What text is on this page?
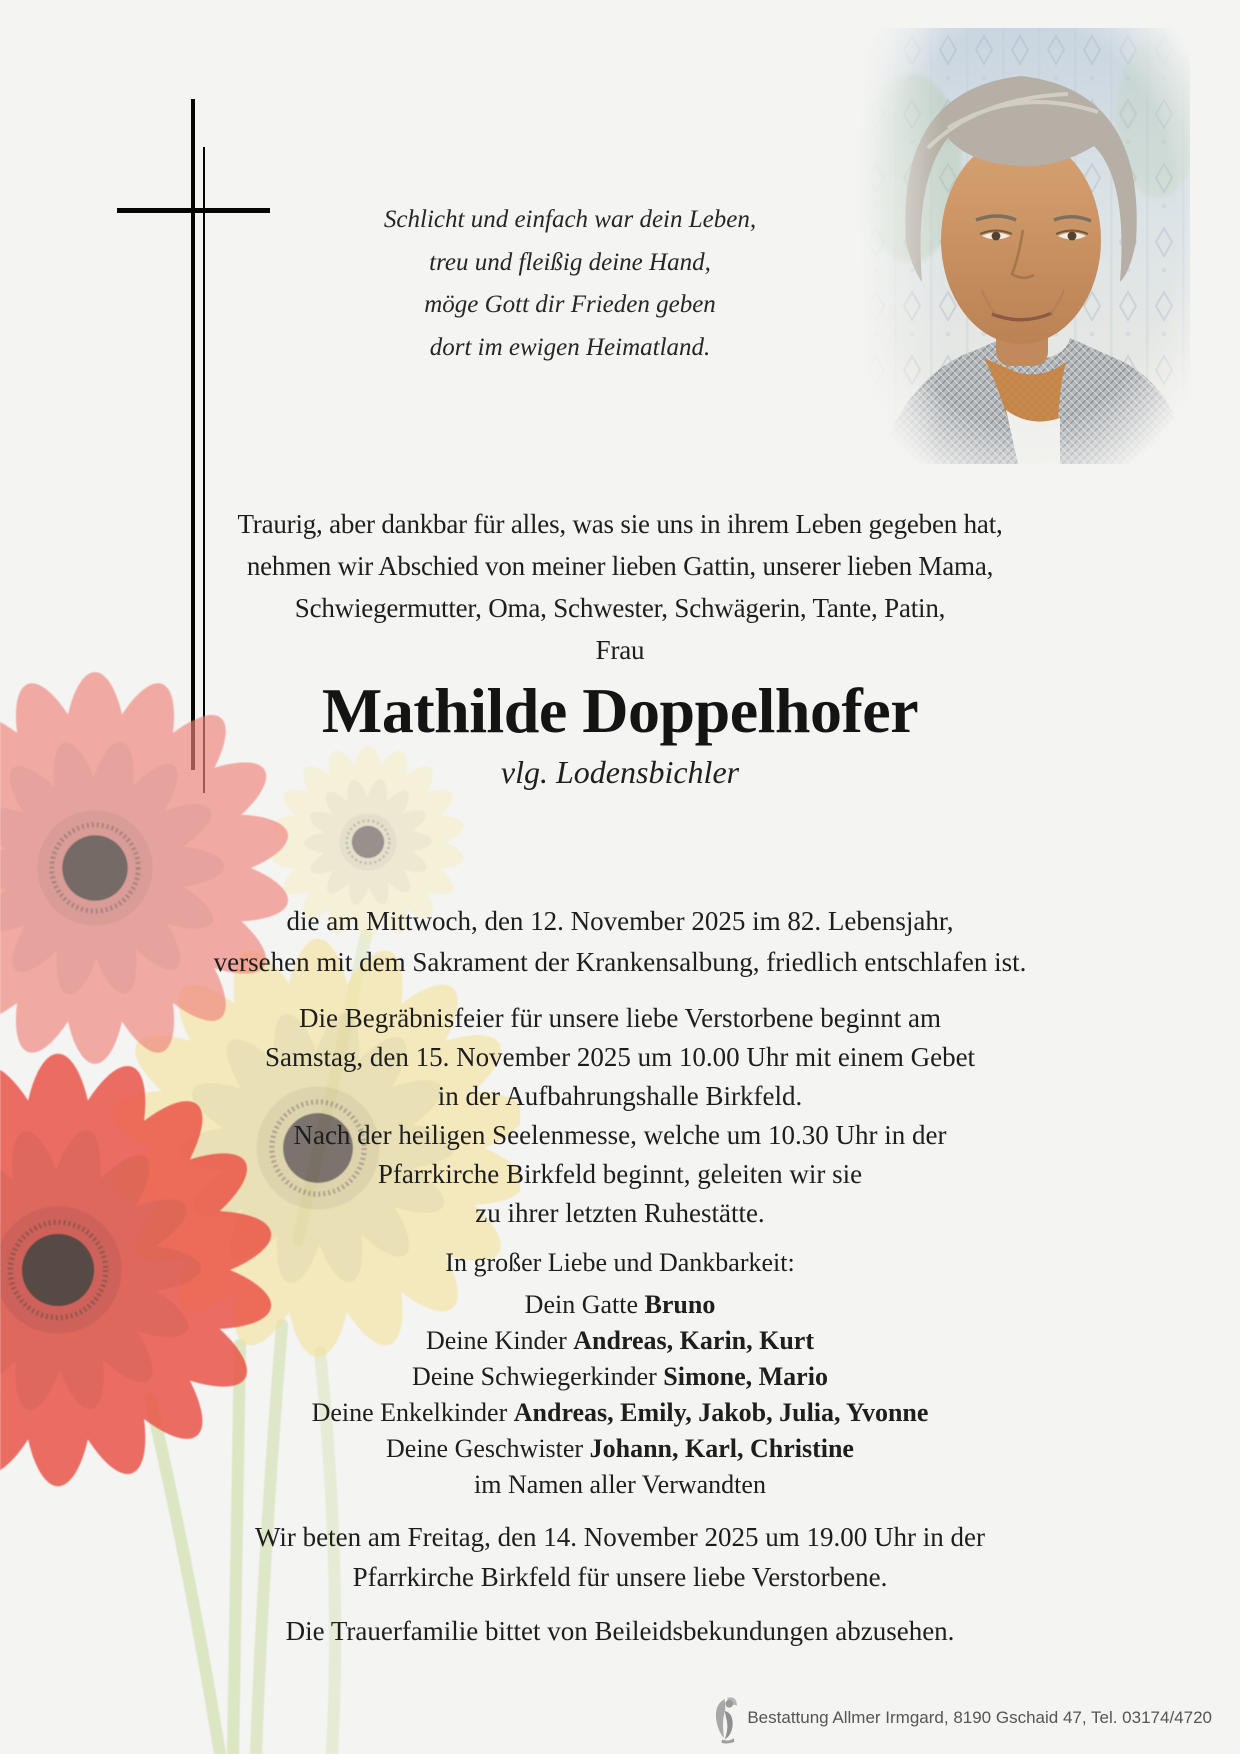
Schlicht und einfach war dein Leben,
treu und fleißig deine Hand,
möge Gott dir Frieden geben
dort im ewigen Heimatland.
Traurig, aber dankbar für alles, was sie uns in ihrem Leben gegeben hat,
nehmen wir Abschied von meiner lieben Gattin, unserer lieben Mama,
Schwiegermutter, Oma, Schwester, Schwägerin, Tante, Patin,
Frau
Mathilde Doppelhofer
vlg. Lodensbichler
die am Mittwoch, den 12. November 2025 im 82. Lebensjahr,
versehen mit dem Sakrament der Krankensalbung, friedlich entschlafen ist.
Die Begräbnisfeier für unsere liebe Verstorbene beginnt am
Samstag, den 15. November 2025 um 10.00 Uhr mit einem Gebet
in der Aufbahrungshalle Birkfeld.
Nach der heiligen Seelenmesse, welche um 10.30 Uhr in der
Pfarrkirche Birkfeld beginnt, geleiten wir sie
zu ihrer letzten Ruhestätte.
In großer Liebe und Dankbarkeit:
Dein Gatte Bruno
Deine Kinder Andreas, Karin, Kurt
Deine Schwiegerkinder Simone, Mario
Deine Enkelkinder Andreas, Emily, Jakob, Julia, Yvonne
Deine Geschwister Johann, Karl, Christine
im Namen aller Verwandten
Wir beten am Freitag, den 14. November 2025 um 19.00 Uhr in der
Pfarrkirche Birkfeld für unsere liebe Verstorbene.
Die Trauerfamilie bittet von Beileidsbekundungen abzusehen.
Bestattung Allmer Irmgard, 8190 Gschaid 47, Tel. 03174/4720
